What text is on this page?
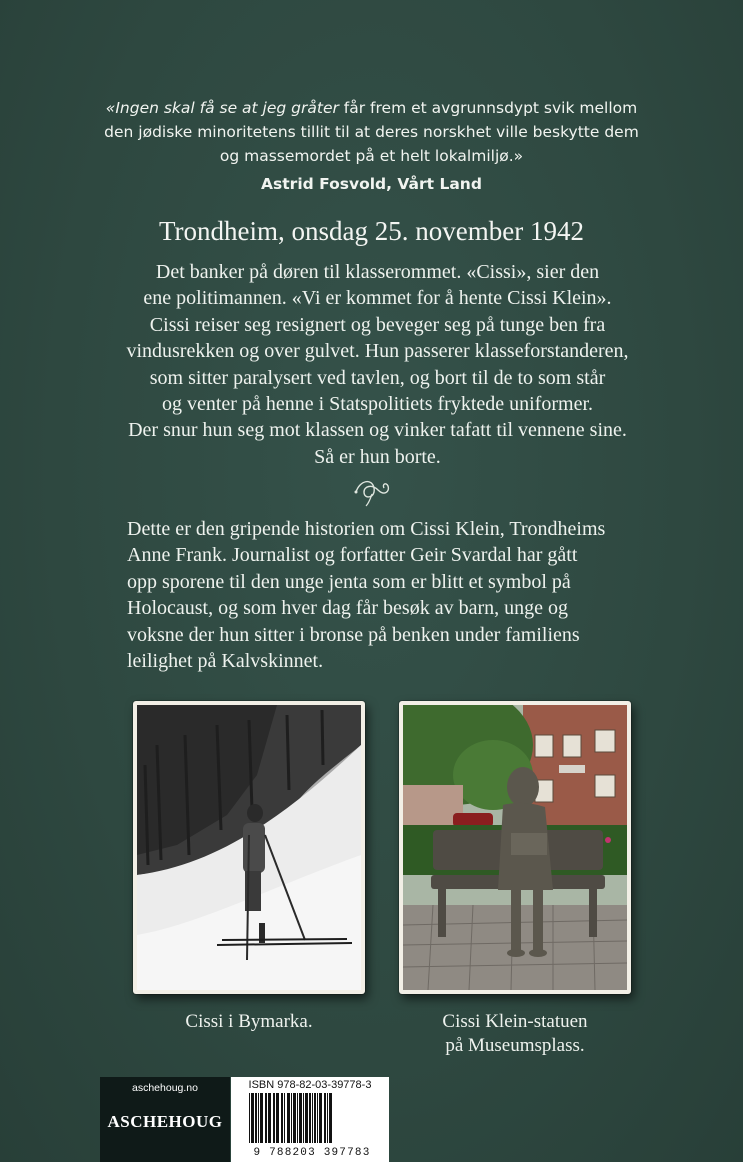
«Ingen skal få se at jeg gråter får frem et avgrunnsdypt svik mellom den jødiske minoritetens tillit til at deres norskhet ville beskytte dem og massemordet på et helt lokalmiljø.»
Astrid Fosvold, Vårt Land
Trondheim, onsdag 25. november 1942
Det banker på døren til klasserommet. «Cissi», sier den
ene politimannen. «Vi er kommet for å hente Cissi Klein».
Cissi reiser seg resignert og beveger seg på tunge ben fra
vindusrekken og over gulvet. Hun passerer klasseforstanderen,
som sitter paralysert ved tavlen, og bort til de to som står
og venter på henne i Statspolitiets fryktede uniformer.
Der snur hun seg mot klassen og vinker tafatt til vennene sine.
Så er hun borte.
Dette er den gripende historien om Cissi Klein, Trondheims
Anne Frank. Journalist og forfatter Geir Svardal har gått
opp sporene til den unge jenta som er blitt et symbol på
Holocaust, og som hver dag får besøk av barn, unge og
voksne der hun sitter i bronse på benken under familiens
leilighet på Kalvskinnet.
Cissi i Bymarka.	Cissi Klein-statuen
på Museumsplass.
aschehoug.no
ASCHEHOUG
ISBN 978-82-03-39778-3
9 788203 397783
